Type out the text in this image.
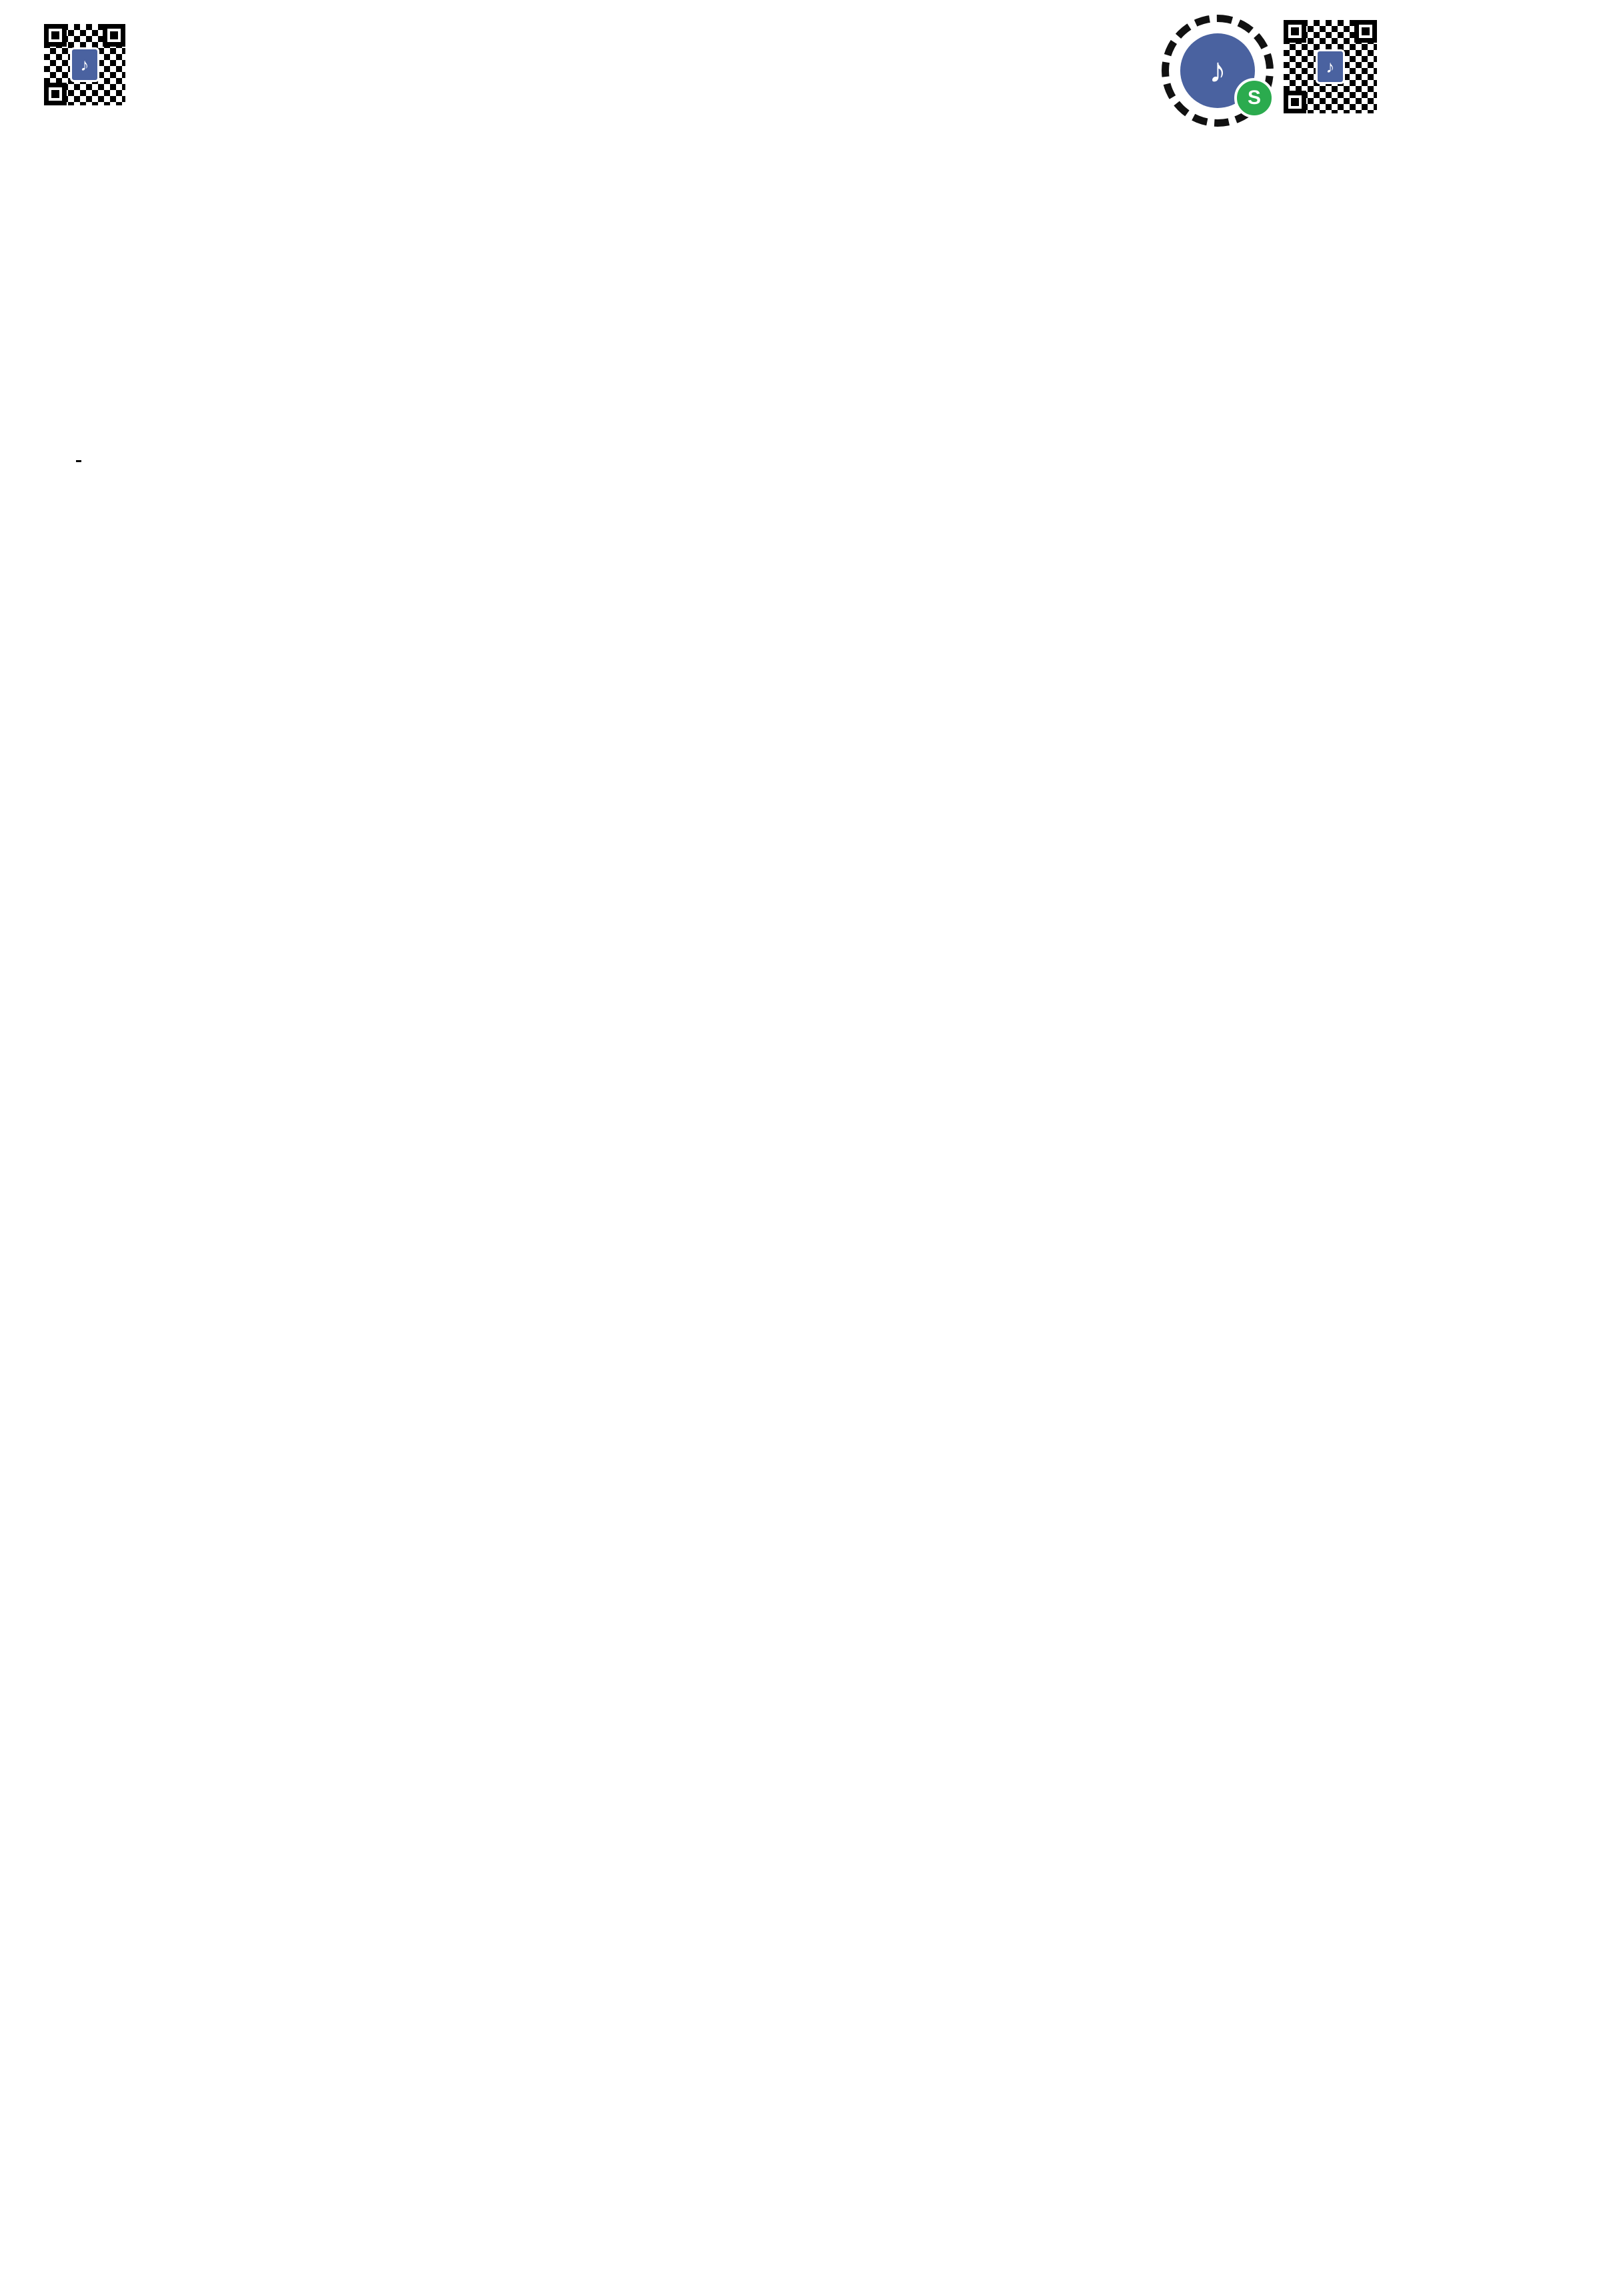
♪	♪
S
♪
